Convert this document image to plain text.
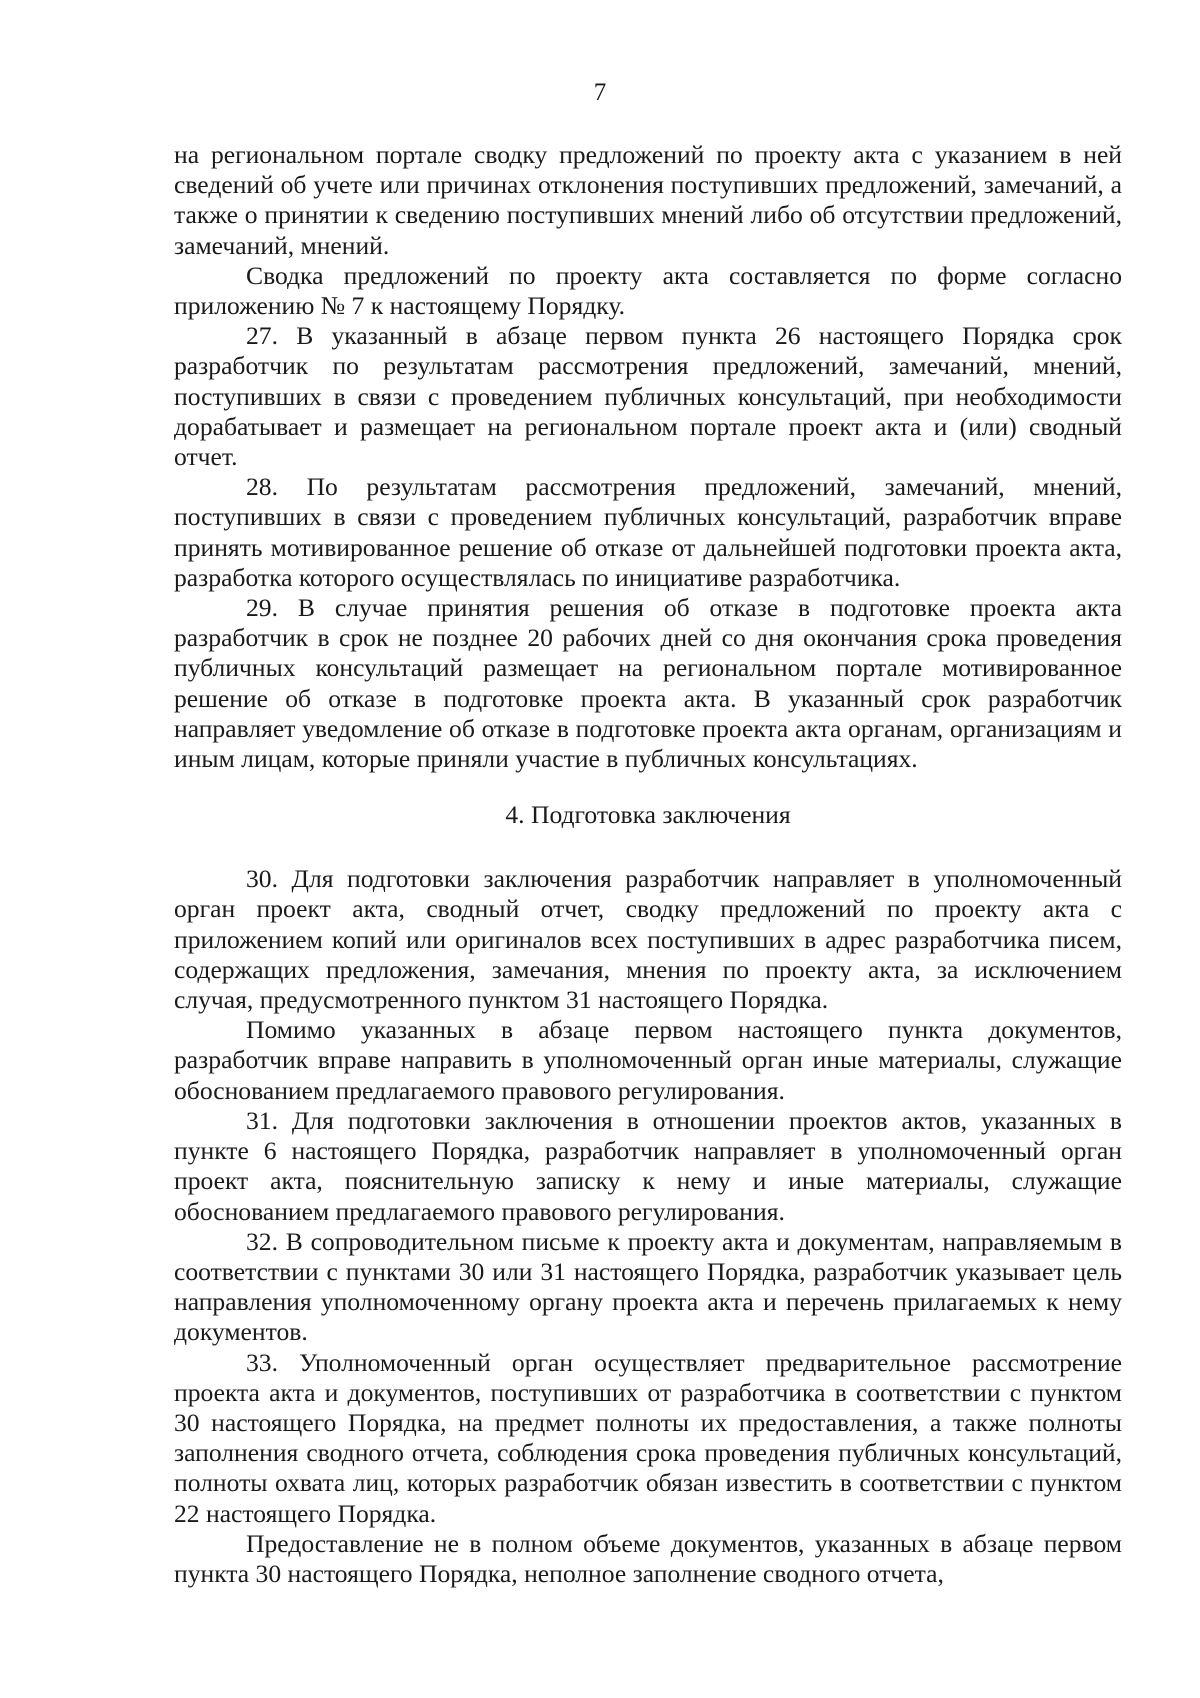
7

на региональном портале сводку предложений по проекту акта с указанием в ней сведений об учете или причинах отклонения поступивших предложений, замечаний, а также о принятии к сведению поступивших мнений либо об отсутствии предложений, замечаний, мнений.

Сводка предложений по проекту акта составляется по форме согласно приложению № 7 к настоящему Порядку.

27. В указанный в абзаце первом пункта 26 настоящего Порядка срок разработчик по результатам рассмотрения предложений, замечаний, мнений, поступивших в связи с проведением публичных консультаций, при необходимости дорабатывает и размещает на региональном портале проект акта и (или) сводный отчет.

28. По результатам рассмотрения предложений, замечаний, мнений, поступивших в связи с проведением публичных консультаций, разработчик вправе принять мотивированное решение об отказе от дальнейшей подготовки проекта акта, разработка которого осуществлялась по инициативе разработчика.

29. В случае принятия решения об отказе в подготовке проекта акта разработчик в срок не позднее 20 рабочих дней со дня окончания срока проведения публичных консультаций размещает на региональном портале мотивированное решение об отказе в подготовке проекта акта. В указанный срок разработчик направляет уведомление об отказе в подготовке проекта акта органам, организациям и иным лицам, которые приняли участие в публичных консультациях.

4. Подготовка заключения

30. Для подготовки заключения разработчик направляет в уполномоченный орган проект акта, сводный отчет, сводку предложений по проекту акта с приложением копий или оригиналов всех поступивших в адрес разработчика писем, содержащих предложения, замечания, мнения по проекту акта, за исключением случая, предусмотренного пунктом 31 настоящего Порядка.

Помимо указанных в абзаце первом настоящего пункта документов, разработчик вправе направить в уполномоченный орган иные материалы, служащие обоснованием предлагаемого правового регулирования.

31. Для подготовки заключения в отношении проектов актов, указанных в пункте 6 настоящего Порядка, разработчик направляет в уполномоченный орган проект акта, пояснительную записку к нему и иные материалы, служащие обоснованием предлагаемого правового регулирования.

32. В сопроводительном письме к проекту акта и документам, направляемым в соответствии с пунктами 30 или 31 настоящего Порядка, разработчик указывает цель направления уполномоченному органу проекта акта и перечень прилагаемых к нему документов.

33. Уполномоченный орган осуществляет предварительное рассмотрение проекта акта и документов, поступивших от разработчика в соответствии с пунктом 30 настоящего Порядка, на предмет полноты их предоставления, а также полноты заполнения сводного отчета, соблюдения срока проведения публичных консультаций, полноты охвата лиц, которых разработчик обязан известить в соответствии с пунктом 22 настоящего Порядка.

Предоставление не в полном объеме документов, указанных в абзаце первом пункта 30 настоящего Порядка, неполное заполнение сводного отчета,
